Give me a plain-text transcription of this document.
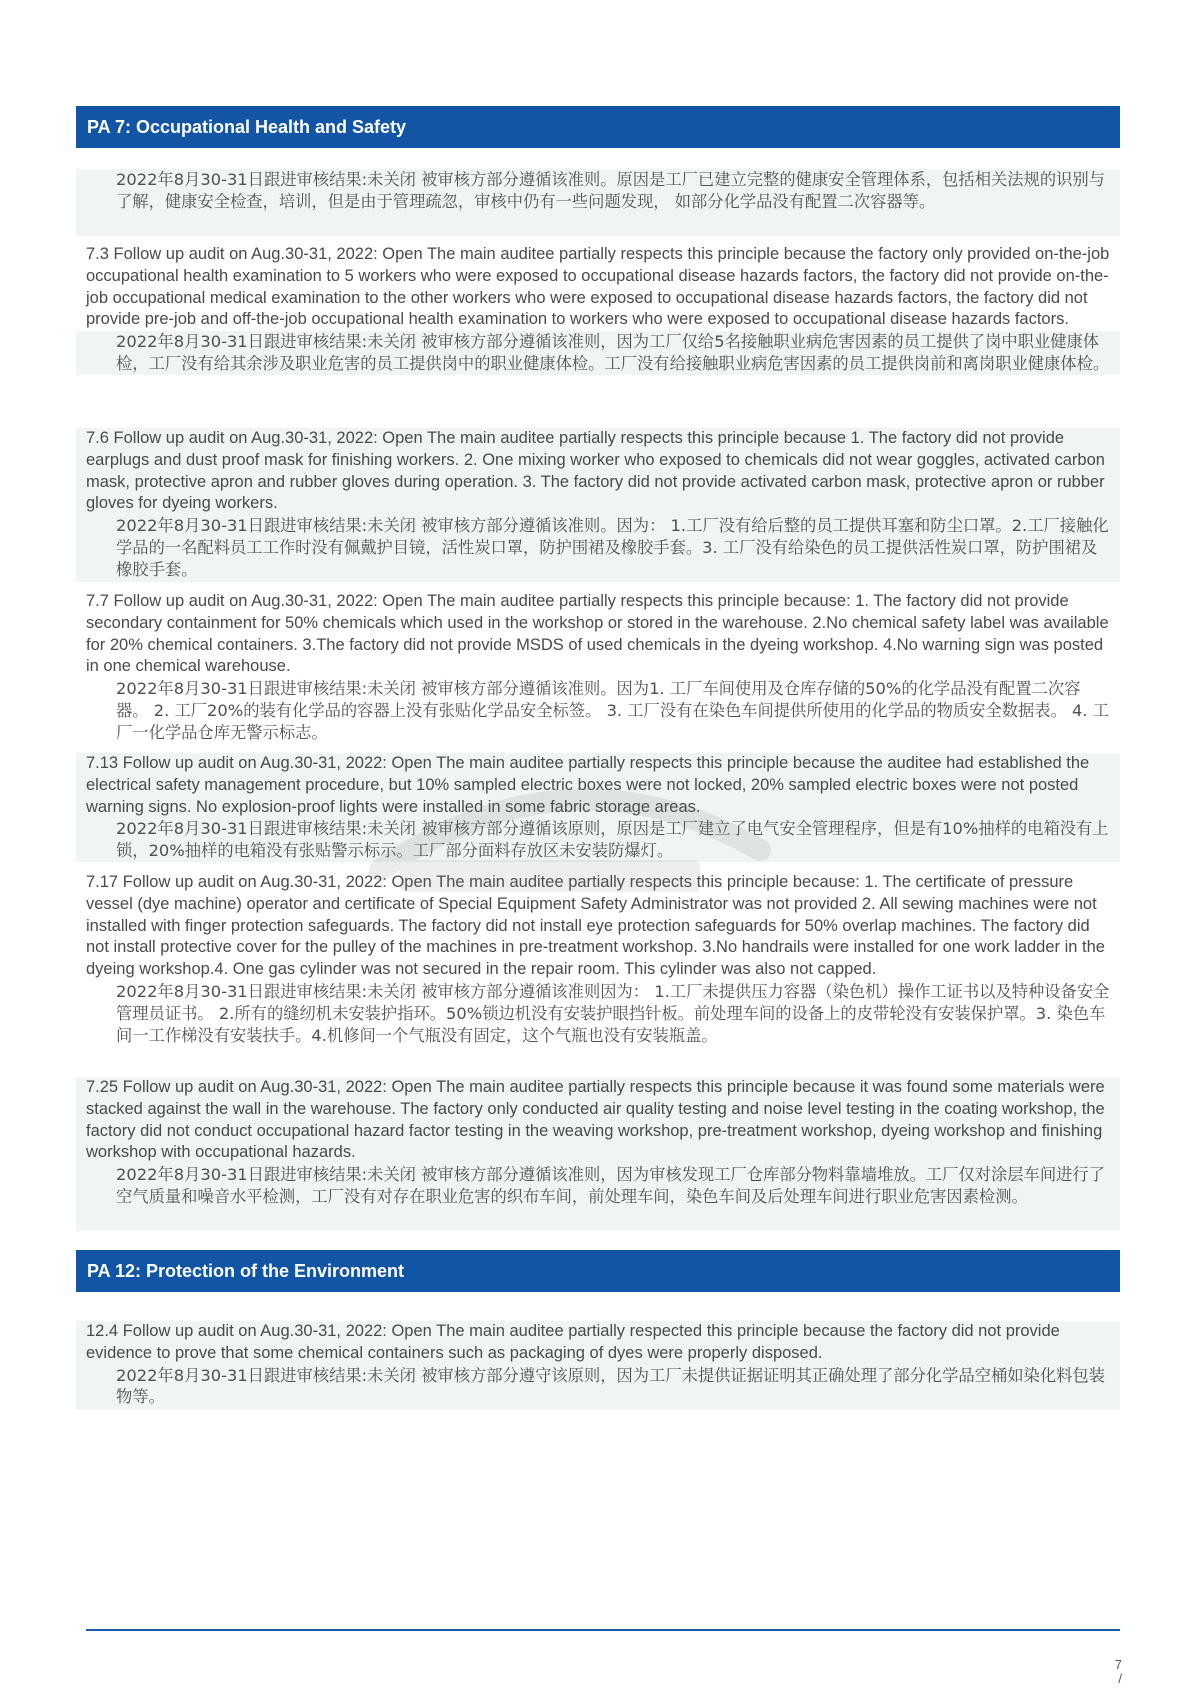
PA 7: Occupational Health and Safety

2022年8月30-31日跟进审核结果:未关闭 被审核方部分遵循该准则。原因是工厂已建立完整的健康安全管理体系，包括相关法规的识别与了解，健康安全检查，培训，但是由于管理疏忽，审核中仍有一些问题发现， 如部分化学品没有配置二次容器等。

7.3 Follow up audit on Aug.30-31, 2022: Open The main auditee partially respects this principle because the factory only provided on-the-job occupational health examination to 5 workers who were exposed to occupational disease hazards factors, the factory did not provide on-the-job occupational medical examination to the other workers who were exposed to occupational disease hazards factors, the factory did not provide pre-job and off-the-job occupational health examination to workers who were exposed to occupational disease hazards factors.

2022年8月30-31日跟进审核结果:未关闭 被审核方部分遵循该准则，因为工厂仅给5名接触职业病危害因素的员工提供了岗中职业健康体检，工厂没有给其余涉及职业危害的员工提供岗中的职业健康体检。工厂没有给接触职业病危害因素的员工提供岗前和离岗职业健康体检。

7.6 Follow up audit on Aug.30-31, 2022: Open The main auditee partially respects this principle because 1. The factory did not provide earplugs and dust proof mask for finishing workers. 2. One mixing worker who exposed to chemicals did not wear goggles, activated carbon mask, protective apron and rubber gloves during operation. 3. The factory did not provide activated carbon mask, protective apron or rubber gloves for dyeing workers.

2022年8月30-31日跟进审核结果:未关闭 被审核方部分遵循该准则。因为： 1.工厂没有给后整的员工提供耳塞和防尘口罩。2.工厂接触化学品的一名配料员工工作时没有佩戴护目镜，活性炭口罩，防护围裙及橡胶手套。3. 工厂没有给染色的员工提供活性炭口罩，防护围裙及橡胶手套。

7.7 Follow up audit on Aug.30-31, 2022: Open The main auditee partially respects this principle because: 1. The factory did not provide secondary containment for 50% chemicals which used in the workshop or stored in the warehouse. 2.No chemical safety label was available for 20% chemical containers. 3.The factory did not provide MSDS of used chemicals in the dyeing workshop. 4.No warning sign was posted in one chemical warehouse.

2022年8月30-31日跟进审核结果:未关闭 被审核方部分遵循该准则。因为1. 工厂车间使用及仓库存储的50%的化学品没有配置二次容器。 2. 工厂20%的装有化学品的容器上没有张贴化学品安全标签。 3. 工厂没有在染色车间提供所使用的化学品的物质安全数据表。 4. 工厂一化学品仓库无警示标志。

7.13 Follow up audit on Aug.30-31, 2022: Open The main auditee partially respects this principle because the auditee had established the electrical safety management procedure, but 10% sampled electric boxes were not locked, 20% sampled electric boxes were not posted warning signs. No explosion-proof lights were installed in some fabric storage areas.

2022年8月30-31日跟进审核结果:未关闭 被审核方部分遵循该原则，原因是工厂建立了电气安全管理程序，但是有10%抽样的电箱没有上锁，20%抽样的电箱没有张贴警示标示。工厂部分面料存放区未安装防爆灯。

7.17 Follow up audit on Aug.30-31, 2022: Open The main auditee partially respects this principle because: 1. The certificate of pressure vessel (dye machine) operator and certificate of Special Equipment Safety Administrator was not provided 2. All sewing machines were not installed with finger protection safeguards. The factory did not install eye protection safeguards for 50% overlap machines. The factory did not install protective cover for the pulley of the machines in pre-treatment workshop. 3.No handrails were installed for one work ladder in the dyeing workshop.4. One gas cylinder was not secured in the repair room. This cylinder was also not capped.

2022年8月30-31日跟进审核结果:未关闭 被审核方部分遵循该准则因为： 1.工厂未提供压力容器（染色机）操作工证书以及特种设备安全管理员证书。 2.所有的缝纫机未安装护指环。50%锁边机没有安装护眼挡针板。前处理车间的设备上的皮带轮没有安装保护罩。3. 染色车间一工作梯没有安装扶手。4.机修间一个气瓶没有固定，这个气瓶也没有安装瓶盖。

7.25 Follow up audit on Aug.30-31, 2022: Open The main auditee partially respects this principle because it was found some materials were stacked against the wall in the warehouse. The factory only conducted air quality testing and noise level testing in the coating workshop, the factory did not conduct occupational hazard factor testing in the weaving workshop, pre-treatment workshop, dyeing workshop and finishing workshop with occupational hazards.

2022年8月30-31日跟进审核结果:未关闭 被审核方部分遵循该准则，因为审核发现工厂仓库部分物料靠墙堆放。工厂仅对涂层车间进行了空气质量和噪音水平检测，工厂没有对存在职业危害的织布车间，前处理车间，染色车间及后处理车间进行职业危害因素检测。

PA 12: Protection of the Environment

12.4 Follow up audit on Aug.30-31, 2022: Open The main auditee partially respected this principle because the factory did not provide evidence to prove that some chemical containers such as packaging of dyes were properly disposed.

2022年8月30-31日跟进审核结果:未关闭 被审核方部分遵守该原则，因为工厂未提供证据证明其正确处理了部分化学品空桶如染化料包装物等。

7
/
